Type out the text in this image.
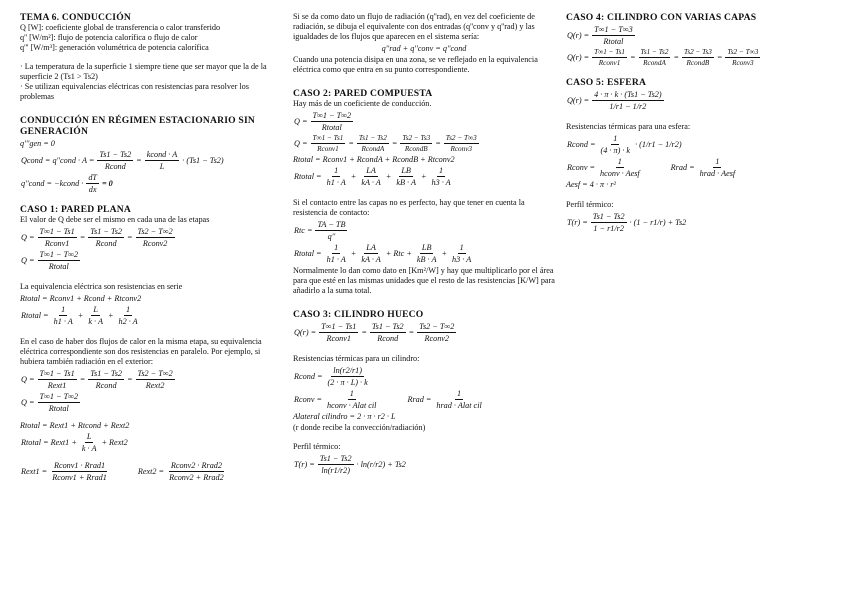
TEMA 6. CONDUCCIÓN

Q [W]: coeficiente global de transferencia o calor transferido

q'' [W/m²]: flujo de potencia calorífica o flujo de calor

q''' [W/m³]: generación volumétrica de potencia calorífica

· La temperatura de la superficie 1 siempre tiene que ser mayor que la de la superficie 2 (Ts1 > Ts2)

· Se utilizan equivalencias eléctricas con resistencias para resolver los problemas

CONDUCCIÓN EN RÉGIMEN ESTACIONARIO SIN GENERACIÓN
q'''gen = 0
Qcond = q''cond · A =
Ts1 − Ts2
Rcond
=
kcond · A
L
· (Ts1 − Ts2)
q''cond = −kcond · $\frac{dT}{dx} = 0$
CASO 1: PARED PLANA

El valor de Q debe ser el mismo en cada una de las etapas

Q =
T∞1 − Ts1
Rconv1
=
Ts1 − Ts2
Rcond
=
Ts2 − T∞2
Rconv2
Q =
T∞1 − T∞2
Rtotal

La equivalencia eléctrica son resistencias en serie

Rtotal = Rconv1 + Rcond + Rtconv2
Rtotal = $\frac{1}{h1 \cdot A} + \frac{L}{k \cdot A} + \frac{1}{h2 \cdot A}$

En el caso de haber dos flujos de calor en la misma etapa, su equivalencia eléctrica correspondiente son dos resistencias en paralelo. Por ejemplo, si hubiera también radiación en el exterior:

Q =
T∞1 − Ts1
Rext1
=
Ts1 − Ts2
Rcond
=
Ts2 − T∞2
Rext2
Q =
T∞1 − T∞2
Rtotal
Rtotal = Rext1 + Rtcond + Rext2
Rtotal = Rext1 + $\frac{L}{k \cdot A}$ + Rext2
Rext1 =
Rconv1 · Rrad1
Rconv1 + Rrad1
Rext2 =
Rconv2 · Rrad2
Rconv2 + Rrad2

Si se da como dato un flujo de radiación (q''rad), en vez del coeficiente de radiación, se dibuja el equivalente con dos entradas (q''conv y q''rad) y las igualdades de los flujos que aparecen en el sistema sería:

q''rad + q''conv = q''cond

Cuando una potencia disipa en una zona, se ve reflejado en la equivalencia eléctrica como que entra en su punto correspondiente.

CASO 2: PARED COMPUESTA

Hay más de un coeficiente de conducción.

Q =
T∞1 − T∞2
Rtotal
Q =
T∞1 − Ts1
Rconv1
=
Ts1 − Ts2
RcondA
=
Ts2 − Ts3
RcondB
=
Ts2 − T∞3
Rconv3
Rtotal = Rconv1 + RcondA + RcondB + Rtconv2
Rtotal = $\frac{1}{h1 \cdot A} + \frac{LA}{kA \cdot A} + \frac{LB}{kB \cdot A} + \frac{1}{h3 \cdot A}$

Si el contacto entre las capas no es perfecto, hay que tener en cuenta la resistencia de contacto:

Rtc = $\frac{TA - TB}{q''}$
Rtotal = $\frac{1}{h1 \cdot A} + \frac{LA}{kA \cdot A}$ + Rtc + $\frac{LB}{kB \cdot A} + \frac{1}{h3 \cdot A}$

Normalmente lo dan como dato en [Km²/W] y hay que multiplicarlo por el área para que esté en las mismas unidades que el resto de las resistencias [K/W] para añadirlo a la suma total.

CASO 3: CILINDRO HUECO
Q(r) =
T∞1 − Ts1
Rconv1
=
Ts1 − Ts2
Rcond
=
Ts2 − T∞2
Rconv2

Resistencias térmicas para un cilindro:

Rcond = $\frac{\ln(r2/r1)}{(2 \cdot \pi \cdot L) \cdot k}$
Rconv =
1
hconv · Alat cil
Rrad =
1
hrad · Alat cil
Alateral cilindro = 2 · π · r2 · L

(r donde recibe la convección/radiación)

Perfil térmico:

$T(r) = \frac{Ts1 - Ts2}{\ln(r1/r2)} \cdot \ln(r/r2) + Ts2$
CASO 4: CILINDRO CON VARIAS CAPAS
Q(r) =
T∞1 − T∞3
Rtotal
Q(r) =
T∞1 − Ts1
Rconv1
=
Ts1 − Ts2
RcondA
=
Ts2 − Ts3
RcondB
=
Ts2 − T∞3
Rconv3
CASO 5: ESFERA
$Q(r) = \frac{4 \cdot \pi \cdot k \cdot (Ts1 - Ts2)}{1/r1 - 1/r2}$

Resistencias térmicas para una esfera:

Rcond = $\frac{1}{(4 \cdot \pi) \cdot k} \cdot (1/r1 - 1/r2)$
Rconv =
1
hconv · Aesf
Rrad =
1
hrad · Aesf
Aesf = 4 · π · r²

Perfil térmico:

$T(r) = \frac{Ts1 - Ts2}{1 - r1/r2} \cdot (1 - r1/r) + Ts2$
